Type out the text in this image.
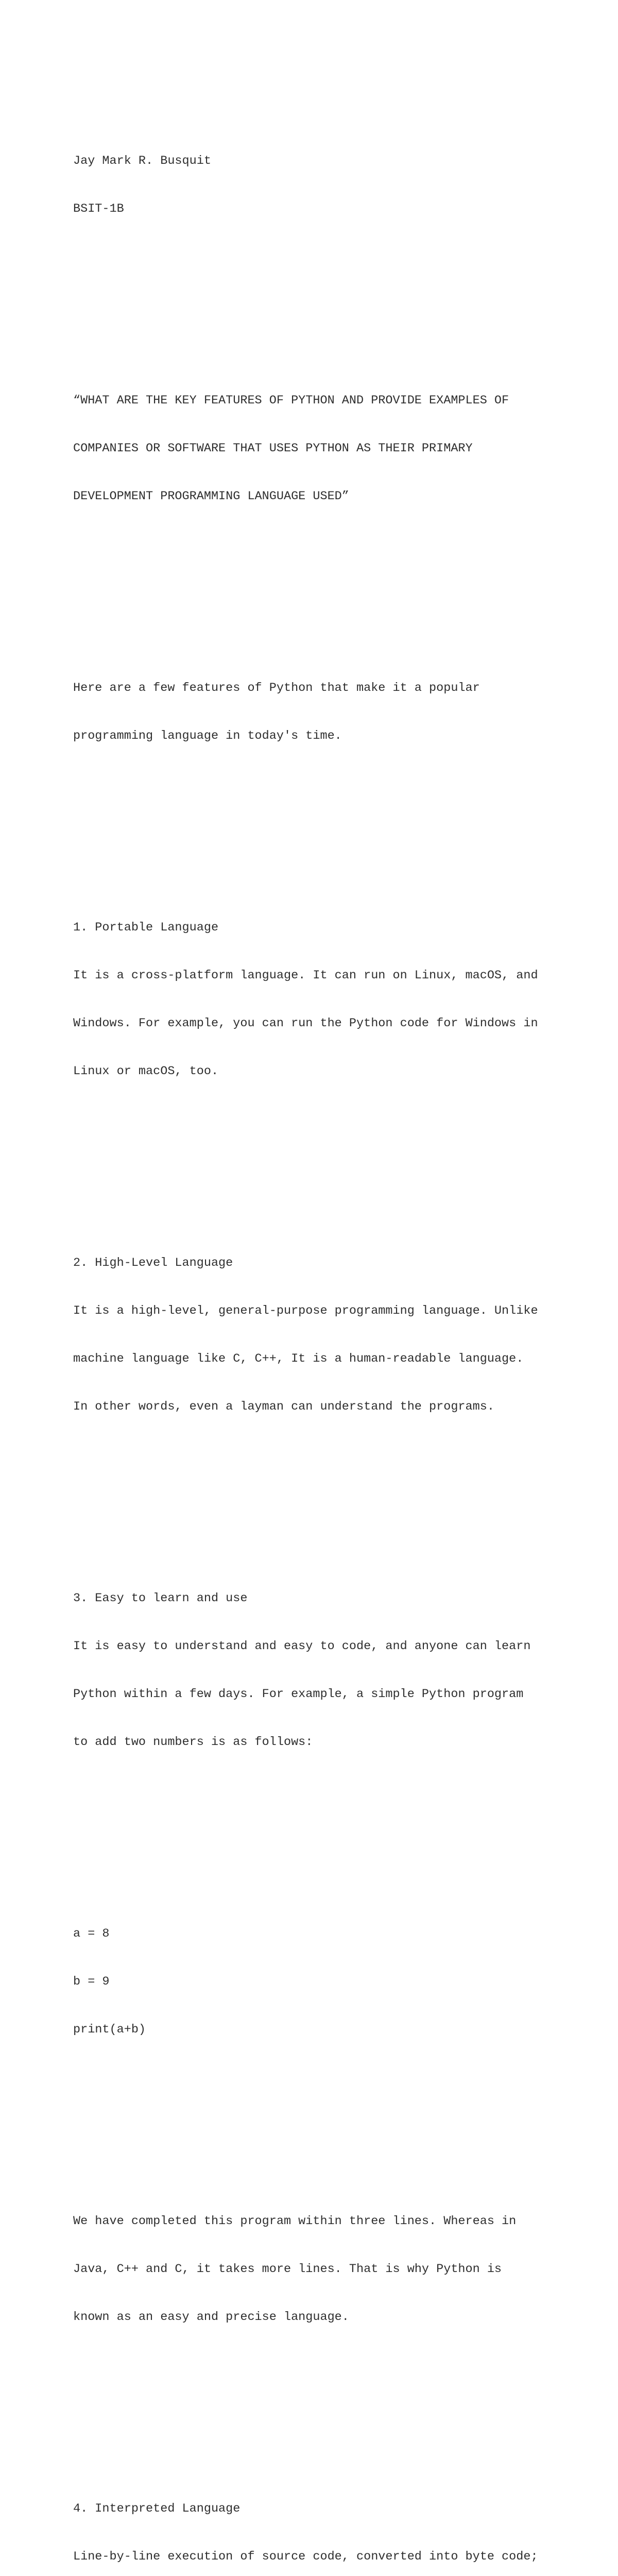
Jay Mark R. Busquit

BSIT-1B

“WHAT ARE THE KEY FEATURES OF PYTHON AND PROVIDE EXAMPLES OF

COMPANIES OR SOFTWARE THAT USES PYTHON AS THEIR PRIMARY

DEVELOPMENT PROGRAMMING LANGUAGE USED”

Here are a few features of Python that make it a popular

programming language in today's time.

1. Portable Language

It is a cross-platform language. It can run on Linux, macOS, and

Windows. For example, you can run the Python code for Windows in

Linux or macOS, too.

2. High-Level Language

It is a high-level, general-purpose programming language. Unlike

machine language like C, C++, It is a human-readable language.

In other words, even a layman can understand the programs.

3. Easy to learn and use

It is easy to understand and easy to code, and anyone can learn

Python within a few days. For example, a simple Python program

to add two numbers is as follows:

a = 8

b = 9

print(a+b)

We have completed this program within three lines. Whereas in

Java, C++ and C, it takes more lines. That is why Python is

known as an easy and precise language.

4. Interpreted Language

Line-by-line execution of source code, converted into byte code;
